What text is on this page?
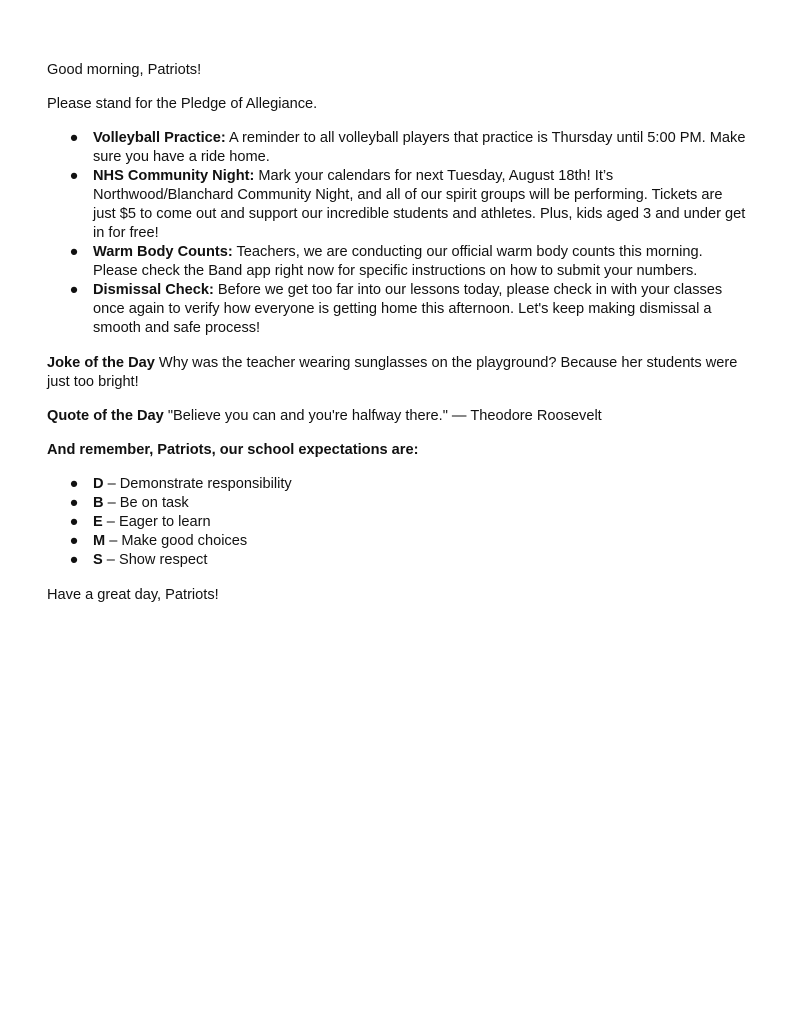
Good morning, Patriots!

Please stand for the Pledge of Allegiance.

● Volleyball Practice: A reminder to all volleyball players that practice is Thursday until 5:00 PM. Make sure you have a ride home.
● NHS Community Night: Mark your calendars for next Tuesday, August 18th! It’s Northwood/Blanchard Community Night, and all of our spirit groups will be performing. Tickets are just $5 to come out and support our incredible students and athletes. Plus, kids aged 3 and under get in for free!
● Warm Body Counts: Teachers, we are conducting our official warm body counts this morning. Please check the Band app right now for specific instructions on how to submit your numbers.
● Dismissal Check: Before we get too far into our lessons today, please check in with your classes once again to verify how everyone is getting home this afternoon. Let's keep making dismissal a smooth and safe process!

Joke of the Day Why was the teacher wearing sunglasses on the playground? Because her students were just too bright!

Quote of the Day "Believe you can and you're halfway there." — Theodore Roosevelt

And remember, Patriots, our school expectations are:

● D – Demonstrate responsibility
● B – Be on task
● E – Eager to learn
● M – Make good choices
● S – Show respect

Have a great day, Patriots!
